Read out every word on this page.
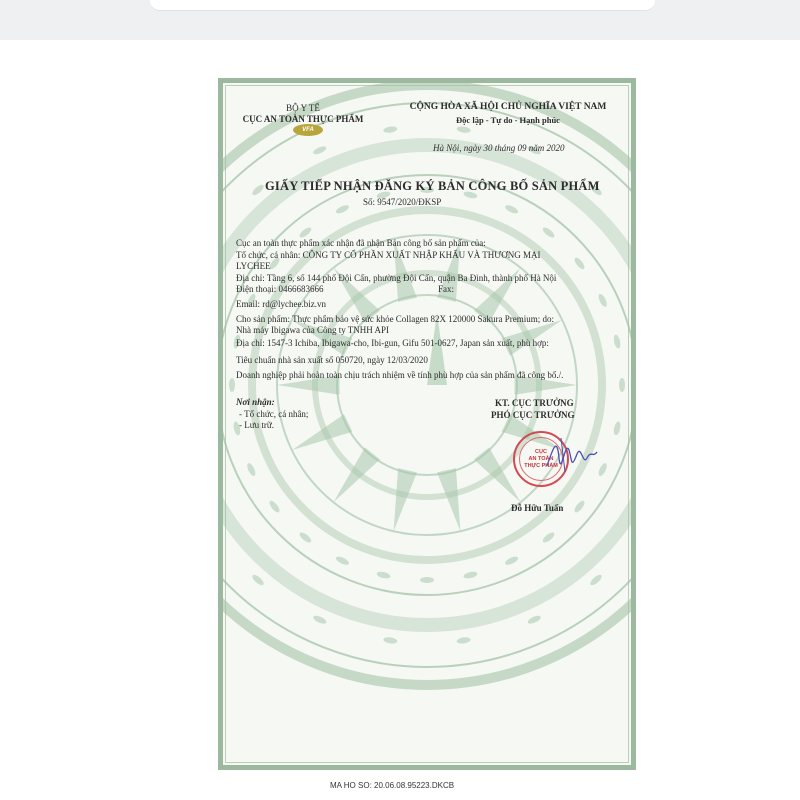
BỘ Y TẾ
CỤC AN TOÀN THỰC PHẨM
VFA
CỘNG HÒA XÃ HỘI CHỦ NGHĨA VIỆT NAM
Độc lập - Tự do - Hạnh phúc
Hà Nội, ngày 30 tháng 09 năm 2020
GIẤY TIẾP NHẬN ĐĂNG KÝ BẢN CÔNG BỐ SẢN PHẨM
Số: 9547/2020/ĐKSP
Cục an toàn thực phẩm xác nhận đã nhận Bản công bố sản phẩm của:
Tổ chức, cá nhân: CÔNG TY CỔ PHẦN XUẤT NHẬP KHẨU VÀ THƯƠNG MẠI
LYCHEE
Địa chỉ: Tầng 6, số 144 phố Đội Cấn, phường Đội Cấn, quận Ba Đình, thành phố Hà Nội
Điện thoại: 0466683666	Fax:
Email: rd@lychee.biz.vn
Cho sản phẩm: Thực phẩm bảo vệ sức khỏe Collagen 82X 120000 Sakura Premium; do:
Nhà máy Ibigawa của Công ty TNHH API
Địa chỉ: 1547-3 Ichiba, Ibigawa-cho, Ibi-gun, Gifu 501-0627, Japan sản xuất, phù hợp:
Tiêu chuẩn nhà sản xuất số 050720, ngày 12/03/2020
Doanh nghiệp phải hoàn toàn chịu trách nhiệm về tính phù hợp của sản phẩm đã công bố./.
Nơi nhận:
- Tổ chức, cá nhân;
- Lưu trữ.
KT. CỤC TRƯỞNG
PHÓ CỤC TRƯỞNG
CỤC
AN TOÀN
THỰC PHẨM
Đỗ Hữu Tuấn
MA HO SO: 20.06.08.95223.DKCB
